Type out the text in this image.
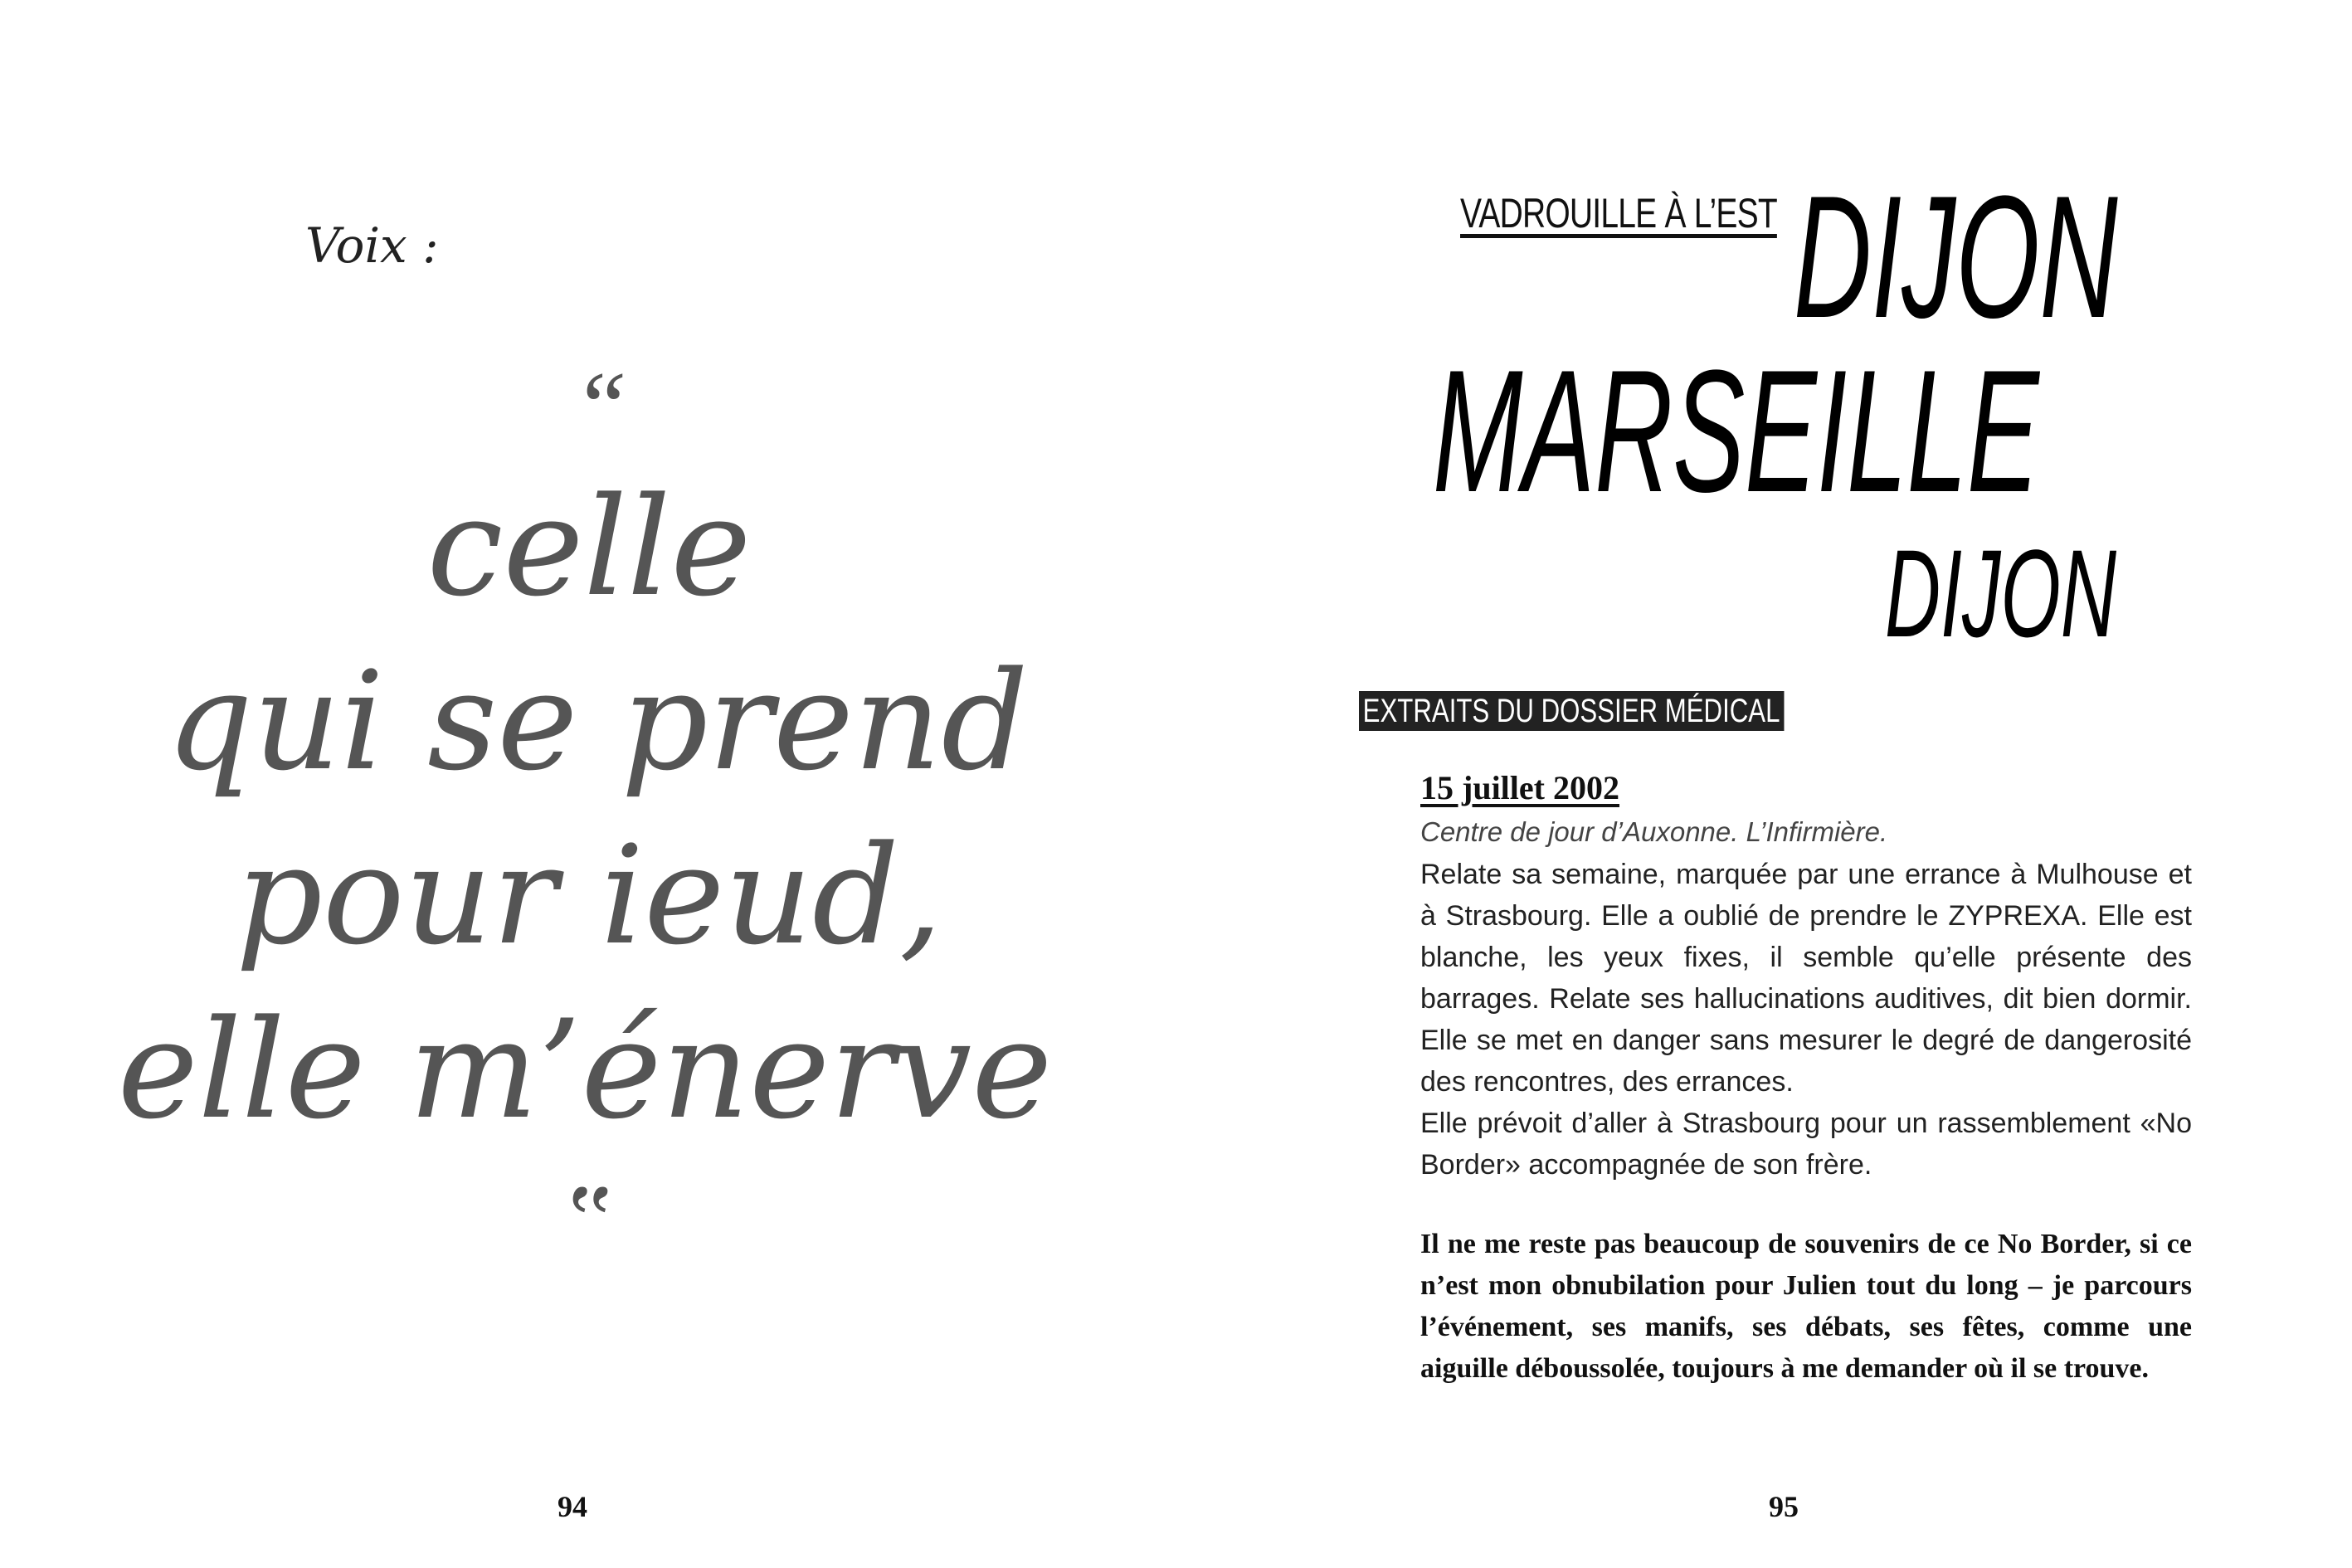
Voix :
“
celle
qui se prend
pour ieud,
elle m’énerve
‟
94
VADROUILLE À L’EST DIJON
MARSEILLE
DIJON
EXTRAITS DU DOSSIER MÉDICAL
15 juillet 2002
Centre de jour d’Auxonne. L’Infirmière.

Relate sa semaine, marquée par une errance à Mulhouse et à Strasbourg. Elle a oublié de prendre le ZYPREXA. Elle est blanche, les yeux fixes, il semble qu’elle présente des barrages. Relate ses hallucinations auditives, dit bien dormir. Elle se met en danger sans mesurer le degré de dangerosité des rencontres, des errances.

Elle prévoit d’aller à Strasbourg pour un rassemblement «No Border» accompagnée de son frère.

Il ne me reste pas beaucoup de souvenirs de ce No Border, si ce n’est mon obnubilation pour Julien tout du long – je parcours l’événement, ses manifs, ses débats, ses fêtes, comme une aiguille déboussolée, toujours à me demander où il se trouve.
95
